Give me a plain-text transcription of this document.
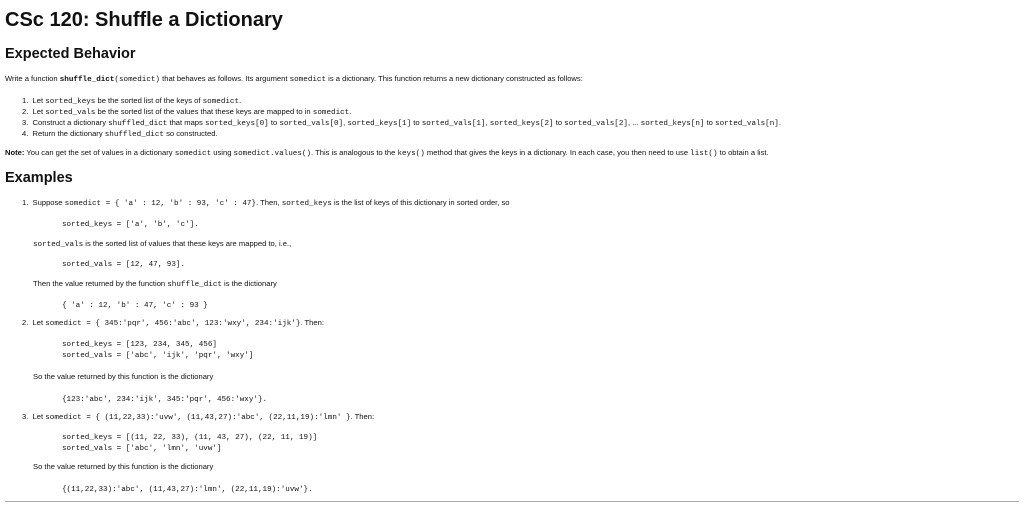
CSc 120: Shuffle a Dictionary
Expected Behavior
Examples
Write a function shuffle_dict(somedict) that behaves as follows. Its argument somedict is a dictionary. This function returns a new dictionary constructed as follows:
1.  Let sorted_keys be the sorted list of the keys of somedict.
2.  Let sorted_vals be the sorted list of the values that these keys are mapped to in somedict.
3.  Construct a dictionary shuffled_dict that maps sorted_keys[0] to sorted_vals[0], sorted_keys[1] to sorted_vals[1], sorted_keys[2] to sorted_vals[2], ... sorted_keys[n] to sorted_vals[n].
4.  Return the dictionary shuffled_dict so constructed.
Note: You can get the set of values in a dictionary somedict using somedict.values(). This is analogous to the keys() method that gives the keys in a dictionary. In each case, you then need to use list() to obtain a list.
1.  Suppose somedict = { 'a' : 12, 'b' : 93, 'c' : 47}. Then, sorted_keys is the list of keys of this dictionary in sorted order, so
sorted_keys = ['a', 'b', 'c'].
sorted_vals is the sorted list of values that these keys are mapped to, i.e.,
sorted_vals = [12, 47, 93].
Then the value returned by the function shuffle_dict is the dictionary
{ 'a' : 12, 'b' : 47, 'c' : 93 }
2.  Let somedict = { 345:'pqr', 456:'abc', 123:'wxy', 234:'ijk'}. Then:
sorted_keys = [123, 234, 345, 456]
sorted_vals = ['abc', 'ijk', 'pqr', 'wxy']
So the value returned by this function is the dictionary
{123:'abc', 234:'ijk', 345:'pqr', 456:'wxy'}.
3.  Let somedict = { (11,22,33):'uvw', (11,43,27):'abc', (22,11,19):'lmn' }. Then:
sorted_keys = [(11, 22, 33), (11, 43, 27), (22, 11, 19)]
sorted_vals = ['abc', 'lmn', 'uvw']
So the value returned by this function is the dictionary
{(11,22,33):'abc', (11,43,27):'lmn', (22,11,19):'uvw'}.
